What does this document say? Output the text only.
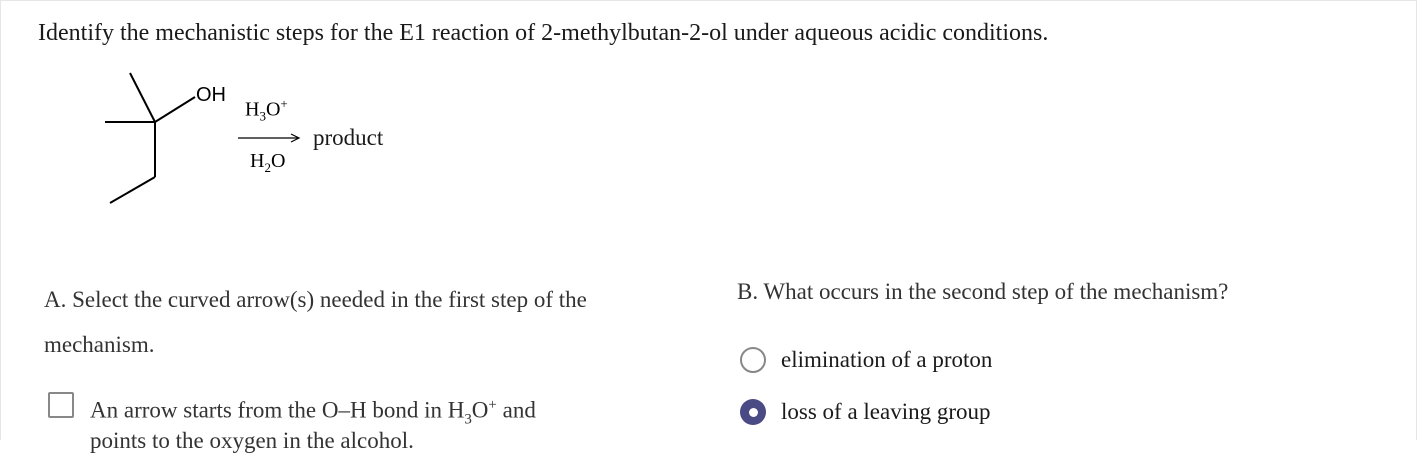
Identify the mechanistic steps for the E1 reaction of 2-methylbutan-2-ol under aqueous acidic conditions.
OH
$H_3O^+$
$H_2O$
product
A. Select the curved arrow(s) needed in the first step of the mechanism.
An arrow starts from the O–H bond in $H_3O^+$ and
points to the oxygen in the alcohol.
B. What occurs in the second step of the mechanism?
elimination of a proton
loss of a leaving group
